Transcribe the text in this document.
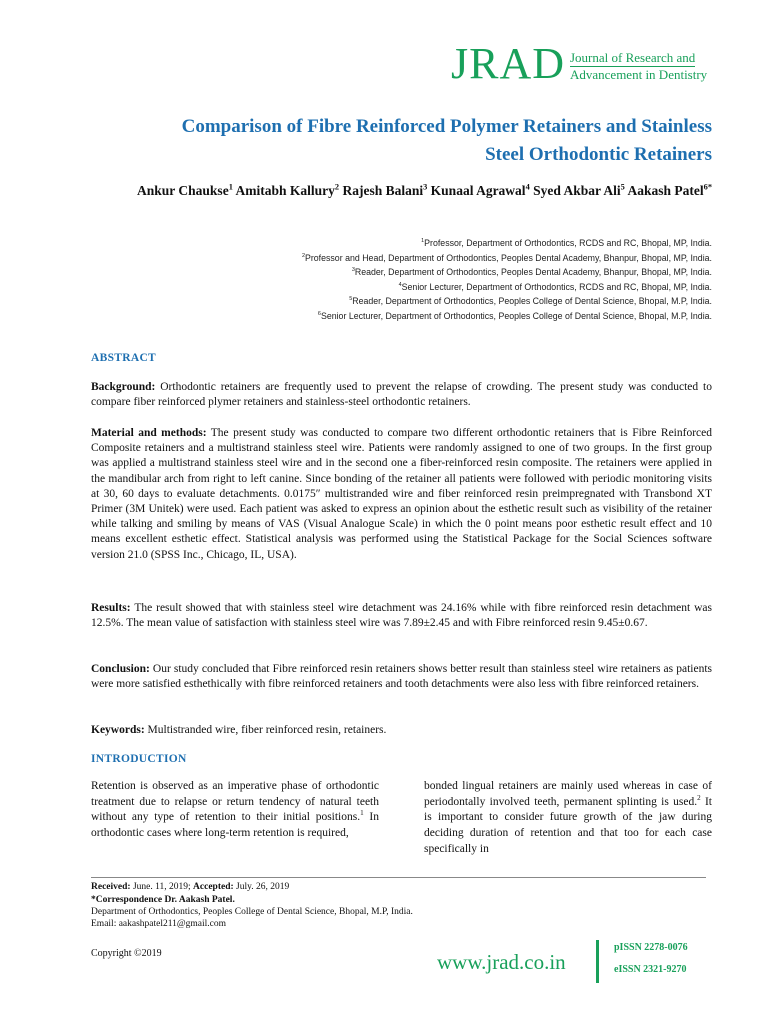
JRAD Journal of Research and
Advancement in Dentistry
Comparison of Fibre Reinforced Polymer Retainers and Stainless
Steel Orthodontic Retainers
Ankur Chaukse$^1$ Amitabh Kallury$^2$ Rajesh Balani$^3$ Kunaal Agrawal$^4$ Syed Akbar Ali$^5$ Aakash Patel$^{6*}$
$^1$Professor, Department of Orthodontics, RCDS and RC, Bhopal, MP, India.
$^2$Professor and Head, Department of Orthodontics, Peoples Dental Academy, Bhanpur, Bhopal, MP, India.
$^3$Reader, Department of Orthodontics, Peoples Dental Academy, Bhanpur, Bhopal, MP, India.
$^4$Senior Lecturer, Department of Orthodontics, RCDS and RC, Bhopal, MP, India.
$^5$Reader, Department of Orthodontics, Peoples College of Dental Science, Bhopal, M.P, India.
$^6$Senior Lecturer, Department of Orthodontics, Peoples College of Dental Science, Bhopal, M.P, India.
ABSTRACT
Background: Orthodontic retainers are frequently used to prevent the relapse of crowding. The present study was conducted to compare fiber reinforced plymer retainers and stainless-steel orthodontic retainers.
Material and methods: The present study was conducted to compare two different orthodontic retainers that is Fibre Reinforced Composite retainers and a multistrand stainless steel wire. Patients were randomly assigned to one of two groups. In the first group was applied a multistrand stainless steel wire and in the second one a fiber-reinforced resin composite. The retainers were applied in the mandibular arch from right to left canine. Since bonding of the retainer all patients were followed with periodic monitoring visits at 30, 60 days to evaluate detachments. 0.0175″ multistranded wire and fiber reinforced resin preimpregnated with Transbond XT Primer (3M Unitek) were used. Each patient was asked to express an opinion about the esthetic result such as visibility of the retainer while talking and smiling by means of VAS (Visual Analogue Scale) in which the 0 point means poor esthetic result effect and 10 means excellent esthetic effect. Statistical analysis was performed using the Statistical Package for the Social Sciences software version 21.0 (SPSS Inc., Chicago, IL, USA).
Results: The result showed that with stainless steel wire detachment was 24.16% while with fibre reinforced resin detachment was 12.5%. The mean value of satisfaction with stainless steel wire was 7.89±2.45 and with Fibre reinforced resin 9.45±0.67.
Conclusion: Our study concluded that Fibre reinforced resin retainers shows better result than stainless steel wire retainers as patients were more satisfied esthethically with fibre reinforced retainers and tooth detachments were also less with fibre reinforced retainers.
Keywords: Multistranded wire, fiber reinforced resin, retainers.
INTRODUCTION
Retention is observed as an imperative phase of orthodontic treatment due to relapse or return tendency of natural teeth without any type of retention to their initial positions.$^1$ In orthodontic cases where long-term retention is required,
bonded lingual retainers are mainly used whereas in case of periodontally involved teeth, permanent splinting is used.$^2$ It is important to consider future growth of the jaw during deciding duration of retention and that too for each case specifically in
Received: June. 11, 2019; Accepted: July. 26, 2019
*Correspondence Dr. Aakash Patel.
Department of Orthodontics, Peoples College of Dental Science, Bhopal, M.P, India.
Email: aakashpatel211@gmail.com
Copyright ©2019	www.jrad.co.in
pISSN 2278-0076
eISSN 2321-9270
